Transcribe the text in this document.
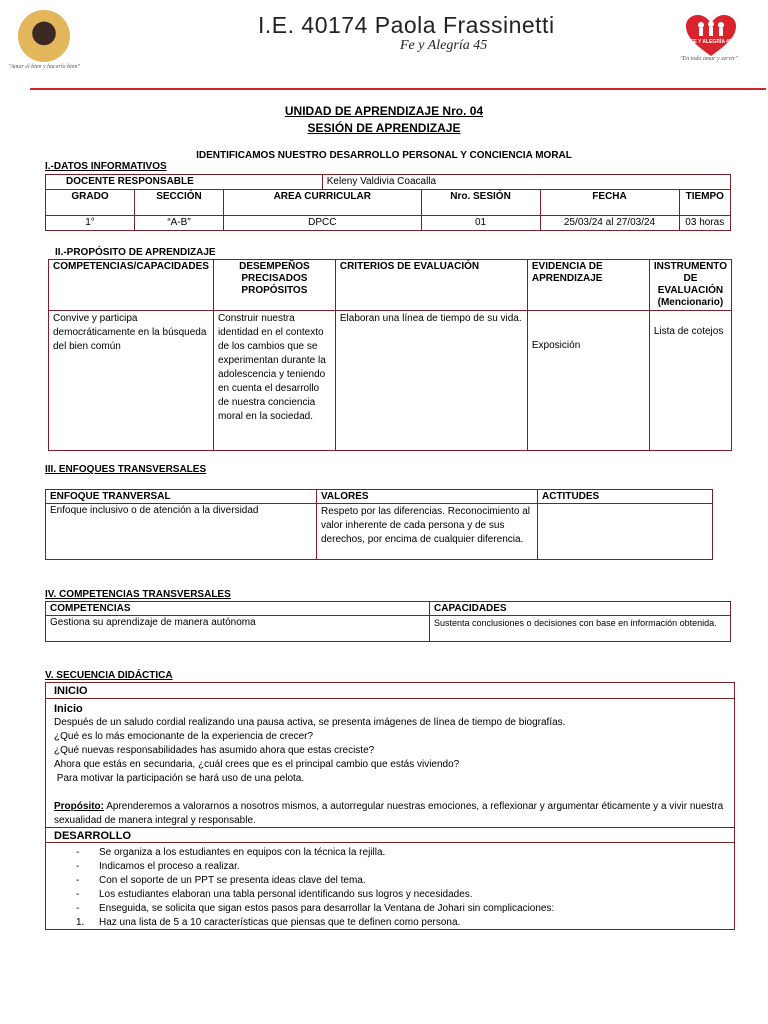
"Amar el bien y hacerlo bien"
I.E. 40174 Paola Frassinetti
Fe y Alegría 45	FE Y ALEGRÍA 45
"En todo amar y servir"
UNIDAD DE APRENDIZAJE Nro. 04
SESIÓN DE APRENDIZAJE
IDENTIFICAMOS NUESTRO DESARROLLO PERSONAL Y CONCIENCIA MORAL
I.-DATOS INFORMATIVOS
DOCENTE RESPONSABLE			Keleny Valdivia Coacalla			
GRADO	SECCIÓN	AREA CURRICULAR		Nro. SESIÓN	FECHA	TIEMPO
1°	“A-B”	DPCC		01	25/03/24 al 27/03/24	03 horas
II.-PROPÓSITO DE APRENDIZAJE
COMPETENCIAS/CAPACIDADES	DESEMPEÑOS PRECISADOS PROPÓSITOS	CRITERIOS DE EVALUACIÓN	EVIDENCIA DE APRENDIZAJE	INSTRUMENTO DE EVALUACIÓN
(Mencionario)
Convive y participa democráticamente en la búsqueda del bien común	Construir nuestra identidad en el contexto de los cambios que se experimentan durante la adolescencia y teniendo en cuenta el desarrollo de nuestra conciencia moral en la sociedad.	Elaboran una línea de tiempo de su vida.	Exposición	Lista de cotejos
III. ENFOQUES TRANSVERSALES
ENFOQUE TRANVERSAL	VALORES	ACTITUDES
Enfoque inclusivo o de atención a la diversidad	Respeto por las diferencias. Reconocimiento al valor inherente de cada persona y de sus derechos, por encima de cualquier diferencia.	
IV. COMPETENCIAS TRANSVERSALES
COMPETENCIAS	CAPACIDADES
Gestiona su aprendizaje de manera autónoma	Sustenta conclusiones o decisiones con base en información obtenida.
V. SECUENCIA DIDÁCTICA
INICIO
Inicio
Después de un saludo cordial realizando una pausa activa, se presenta imágenes de línea de tiempo de biografías.
¿Qué es lo más emocionante de la experiencia de crecer?
¿Qué nuevas responsabilidades has asumido ahora que estas creciste?
Ahora que estás en secundaria, ¿cuál crees que es el principal cambio que estás viviendo?
Para motivar la participación se hará uso de una pelota.
Propósito: Aprenderemos a valorarnos a nosotros mismos, a autorregular nuestras emociones, a reflexionar y argumentar éticamente y a vivir nuestra sexualidad de manera integral y responsable.
DESARROLLO
- Se organiza a los estudiantes en equipos con la técnica la rejilla.
- Indicamos el proceso a realizar.
- Con el soporte de un PPT se presenta ideas clave del tema.
- Los estudiantes elaboran una tabla personal identificando sus logros y necesidades.
- Enseguida, se solicita que sigan estos pasos para desarrollar la Ventana de Johari sin complicaciones:
1. Haz una lista de 5 a 10 características que piensas que te definen como persona.
